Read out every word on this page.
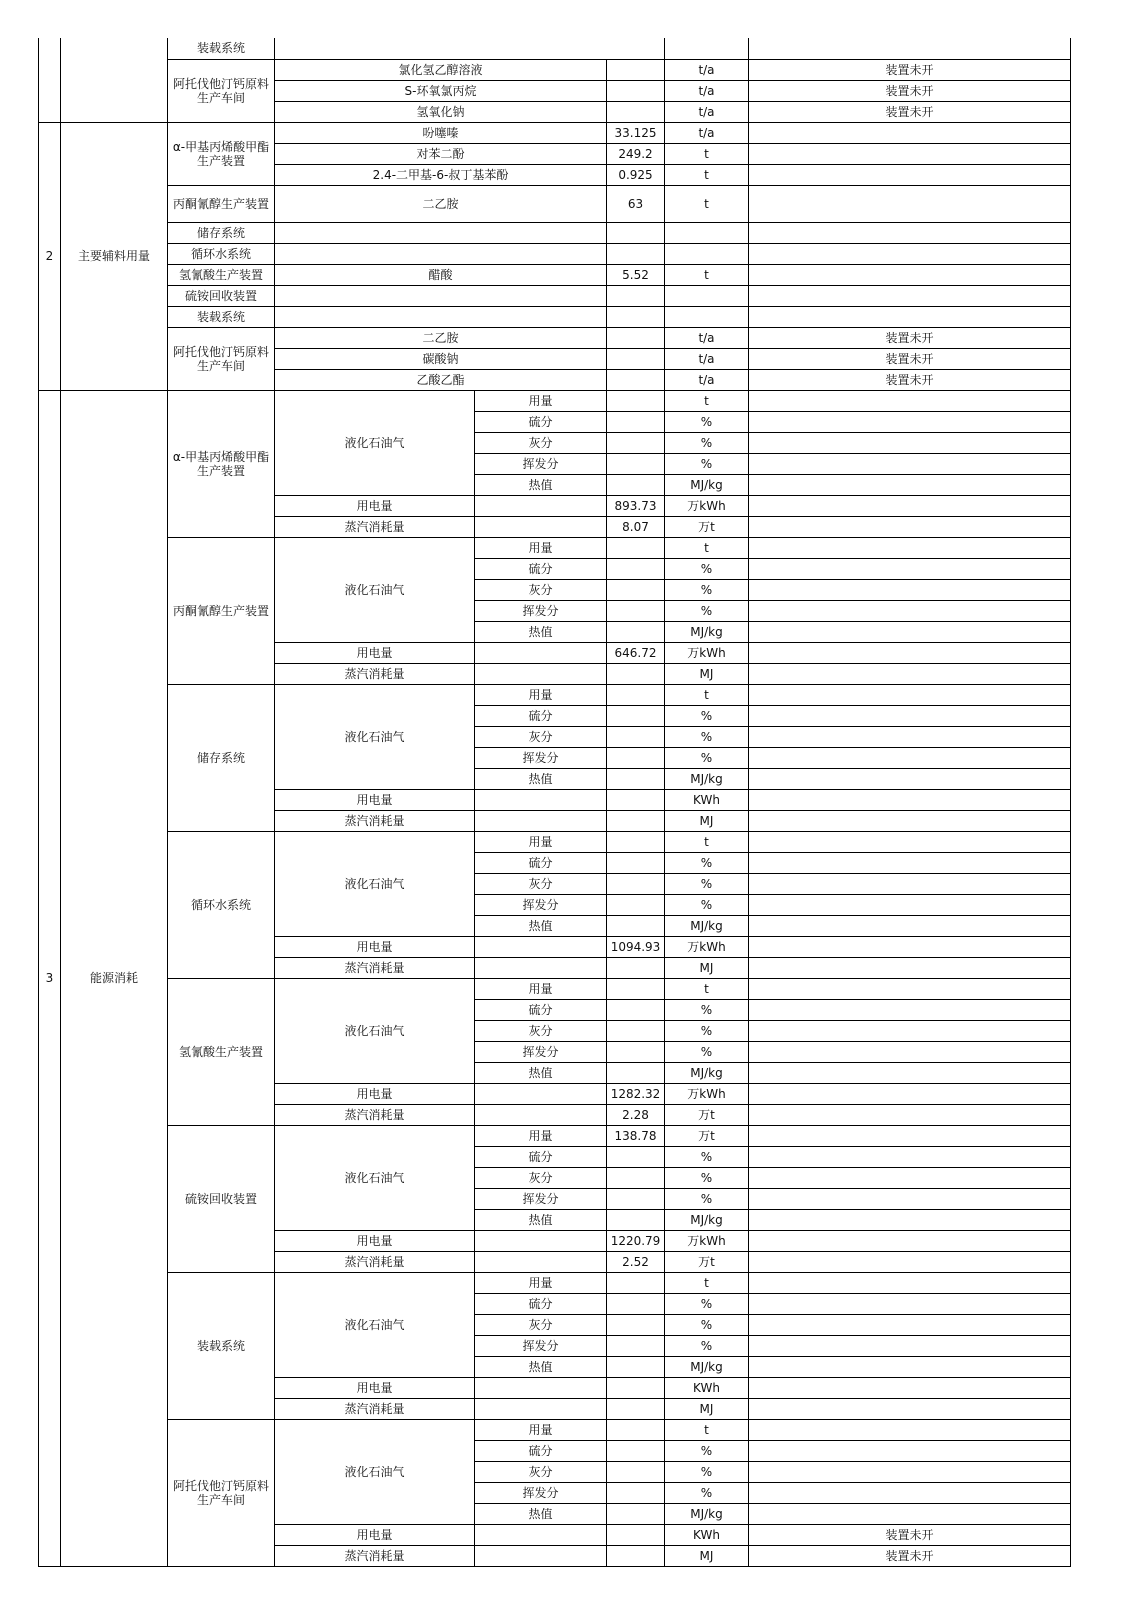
		装载系统					
		阿托伐他汀钙原料生产车间	氯化氢乙醇溶液			t/a	装置未开
			S-环氧氯丙烷			t/a	装置未开
			氢氧化钠			t/a	装置未开
2	主要辅料用量	α-甲基丙烯酸甲酯生产装置	吩噻嗪		33.125	t/a	
			对苯二酚		249.2	t	
			2.4-二甲基-6-叔丁基苯酚		0.925	t	
		丙酮氰醇生产装置	二乙胺		63	t	
		储存系统					
		循环水系统					
		氢氰酸生产装置	醋酸		5.52	t	
		硫铵回收装置					
		装载系统					
		阿托伐他汀钙原料生产车间	二乙胺			t/a	装置未开
			碳酸钠			t/a	装置未开
			乙酸乙酯			t/a	装置未开
3	能源消耗	α-甲基丙烯酸甲酯生产装置	液化石油气	用量		t	
				硫分		%	
				灰分		%	
				挥发分		%	
				热值		MJ/kg	
			用电量		893.73	万kWh	
			蒸汽消耗量		8.07	万t	
		丙酮氰醇生产装置	液化石油气	用量		t	
				硫分		%	
				灰分		%	
				挥发分		%	
				热值		MJ/kg	
			用电量		646.72	万kWh	
			蒸汽消耗量			MJ	
		储存系统	液化石油气	用量		t	
				硫分		%	
				灰分		%	
				挥发分		%	
				热值		MJ/kg	
			用电量			KWh	
			蒸汽消耗量			MJ	
		循环水系统	液化石油气	用量		t	
				硫分		%	
				灰分		%	
				挥发分		%	
				热值		MJ/kg	
			用电量		1094.93	万kWh	
			蒸汽消耗量			MJ	
		氢氰酸生产装置	液化石油气	用量		t	
				硫分		%	
				灰分		%	
				挥发分		%	
				热值		MJ/kg	
			用电量		1282.32	万kWh	
			蒸汽消耗量		2.28	万t	
		硫铵回收装置	液化石油气	用量	138.78	万t	
				硫分		%	
				灰分		%	
				挥发分		%	
				热值		MJ/kg	
			用电量		1220.79	万kWh	
			蒸汽消耗量		2.52	万t	
		装载系统	液化石油气	用量		t	
				硫分		%	
				灰分		%	
				挥发分		%	
				热值		MJ/kg	
			用电量			KWh	
			蒸汽消耗量			MJ	
		阿托伐他汀钙原料生产车间	液化石油气	用量		t	
				硫分		%	
				灰分		%	
				挥发分		%	
				热值		MJ/kg	
			用电量			KWh	装置未开
			蒸汽消耗量			MJ	装置未开
